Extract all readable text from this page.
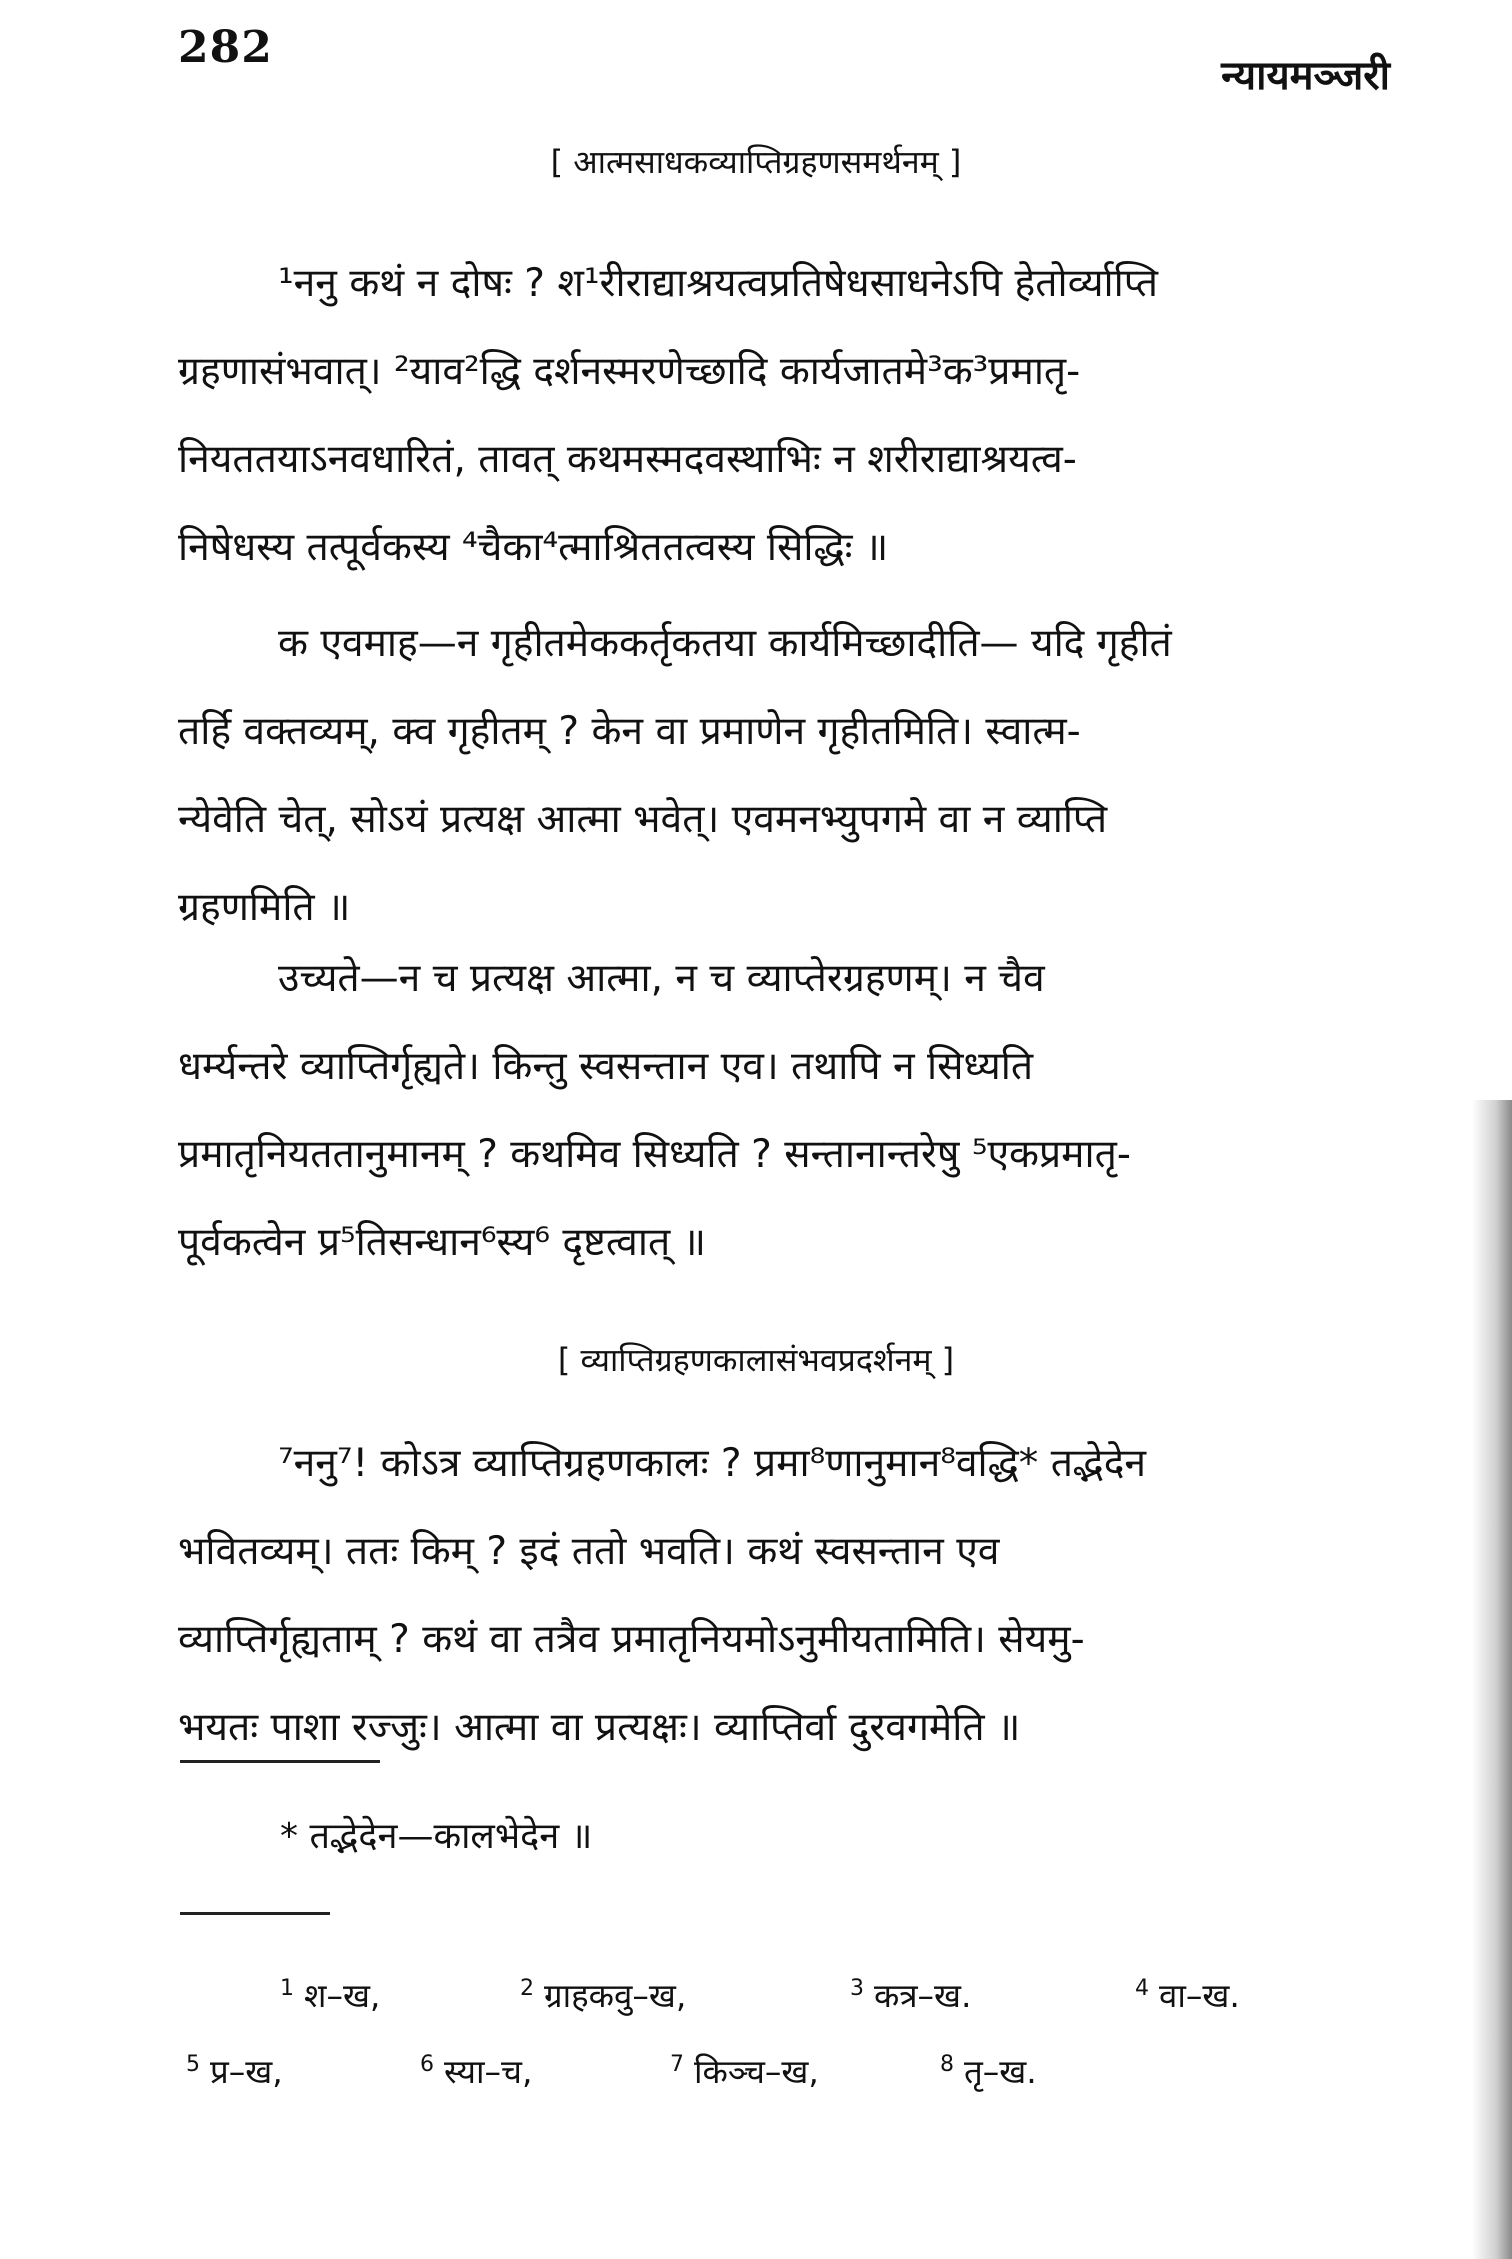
282
न्यायमञ्जरी
[ आत्मसाधकव्याप्तिग्रहणसमर्थनम् ]
¹ननु कथं न दोषः ? श¹रीराद्याश्रयत्वप्रतिषेधसाधनेऽपि हेतोर्व्याप्ति
ग्रहणासंभवात्। ²याव²द्धि दर्शनस्मरणेच्छादि कार्यजातमे³क³प्रमातृ-
नियततयाऽनवधारितं, तावत् कथमस्मदवस्थाभिः न शरीराद्याश्रयत्व-
निषेधस्य तत्पूर्वकस्य ⁴चैका⁴त्माश्रिततत्वस्य सिद्धिः ॥
क एवमाह—न गृहीतमेककर्तृकतया कार्यमिच्छादीति— यदि गृहीतं
तर्हि वक्तव्यम्, क्व गृहीतम् ? केन वा प्रमाणेन गृहीतमिति। स्वात्म-
न्येवेति चेत्, सोऽयं प्रत्यक्ष आत्मा भवेत्। एवमनभ्युपगमे वा न व्याप्ति
ग्रहणमिति ॥
उच्यते—न च प्रत्यक्ष आत्मा, न च व्याप्तेरग्रहणम्। न चैव
धर्म्यन्तरे व्याप्तिर्गृह्यते। किन्तु स्वसन्तान एव। तथापि न सिध्यति
प्रमातृनियततानुमानम् ? कथमिव सिध्यति ? सन्तानान्तरेषु ⁵एकप्रमातृ-
पूर्वकत्वेन प्र⁵तिसन्धान⁶स्य⁶ दृष्टत्वात् ॥
[ व्याप्तिग्रहणकालासंभवप्रदर्शनम् ]
⁷ननु⁷! कोऽत्र व्याप्तिग्रहणकालः ? प्रमा⁸णानुमान⁸वद्धि* तद्भेदेन
भवितव्यम्। ततः किम् ? इदं ततो भवति। कथं स्वसन्तान एव
व्याप्तिर्गृह्यताम् ? कथं वा तत्रैव प्रमातृनियमोऽनुमीयतामिति। सेयमु-
भयतः पाशा रज्जुः। आत्मा वा प्रत्यक्षः। व्याप्तिर्वा दुरवगमेति ॥
* तद्भेदेन—कालभेदेन ॥
$^1$ श–ख,	$^2$ ग्राहकवु–ख,	$^3$ कत्र–ख.	$^4$ वा–ख.
$^5$ प्र–ख,	$^6$ स्या–च,	$^7$ किञ्च–ख,	$^8$ तृ–ख.
